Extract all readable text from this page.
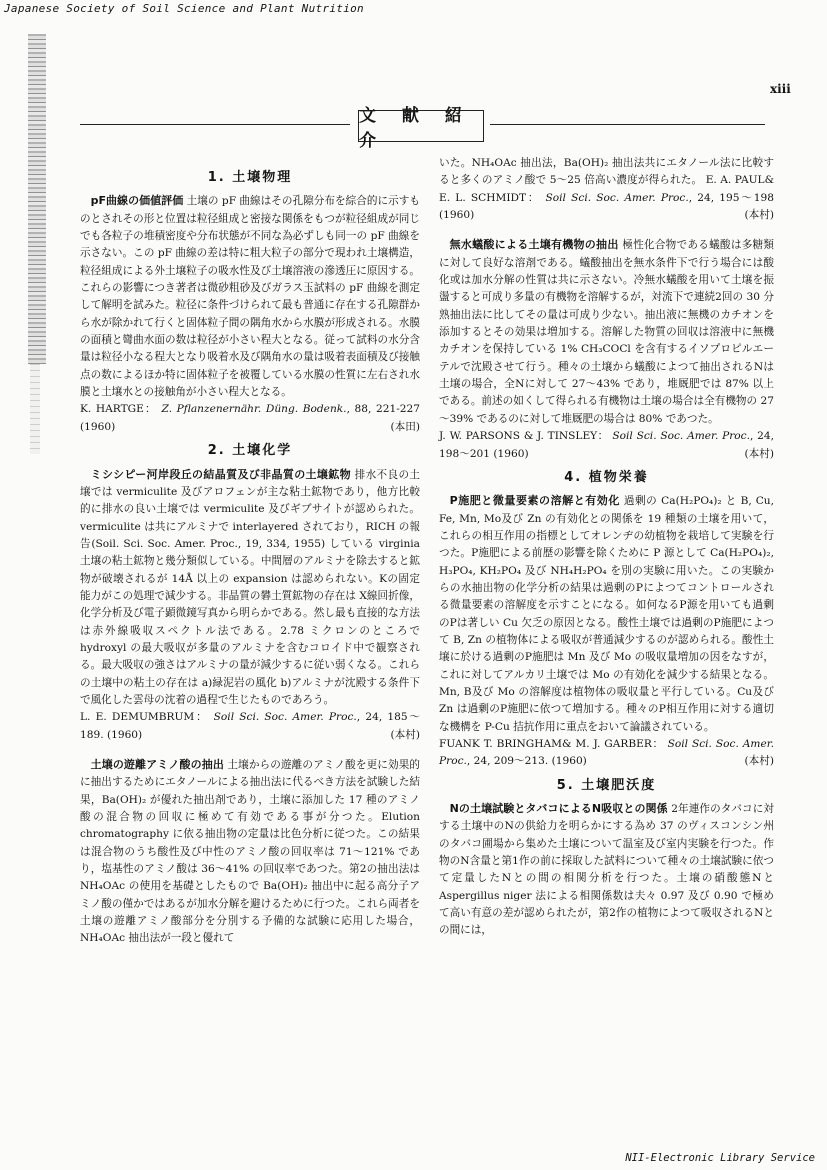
Japanese Society of Soil Science and Plant Nutrition
xⅲ
文 献 紹 介
1. 土壌物理
pF曲線の価値評価 土壌の pF 曲線はその孔隙分布を綜合的に示すものとされその形と位置は粒径組成と密接な関係をもつが粒径組成が同じでも各粒子の堆積密度や分布状態が不同な為必ずしも同一の pF 曲線を示さない。この pF 曲線の差は特に粗大粒子の部分で現われ土壌構造，粒径組成による外土壌粒子の吸水性及び土壌溶液の滲透圧に原因する。これらの影響につき著者は微砂粗砂及びガラス玉試料の pF 曲線を測定して解明を試みた。粒径に条件づけられて最も普通に存在する孔隙群から水が除かれて行くと固体粒子間の隅角水から水膜が形成される。水膜の面積と彎曲水面の数は粒径が小さい程大となる。従って試料の水分含量は粒径小なる程大となり吸着水及び隅角水の量は吸着表面積及び接触点の数によるほか特に固体粒子を被覆している水膜の性質に左右され水膜と土壌水との接触角が小さい程大となる。
K. HARTGE： Z. Pflanzenernähr. Düng. Bodenk., 88, 221-227 (1960)	(本田)
2. 土壌化学
ミシシピー河岸段丘の結晶質及び非晶質の土壌鉱物 排水不良の土壌では vermiculite 及びアロフェンが主な粘土鉱物であり，他方比較的に排水の良い土壌では vermiculite 及びギブサイトが認められた。vermiculite は共にアルミナで interlayered されており，RICH の報告(Soil. Sci. Soc. Amer. Proc., 19, 334, 1955) している virginia 土壌の粘土鉱物と幾分類似している。中間層のアルミナを除去すると鉱物が破壊されるが 14Å 以上の expansion は認められない。Kの固定能力がこの処理で減少する。非晶質の礬土質鉱物の存在は X線回折像，化学分析及び電子顕微鏡写真から明らかである。然し最も直接的な方法は赤外線吸収スペクトル法である。2.78 ミクロンのところで hydroxyl の最大吸収が多量のアルミナを含むコロイド中で観察される。最大吸収の強さはアルミナの量が減少するに従い弱くなる。これらの土壌中の粘土の存在は a)緑泥岩の風化 b)アルミナが沈殿する条件下で風化した雲母の沈着の過程で生じたものであろう。
L. E. DEMUMBRUM： Soil Sci. Soc. Amer. Proc., 24, 185～189. (1960)	(本村)
土壌の遊離アミノ酸の抽出 土壌からの遊離のアミノ酸を更に効果的に抽出するためにエタノールによる抽出法に代るべき方法を試験した結果，Ba(OH)₂ が優れた抽出剤であり，土壌に添加した 17 種のアミノ酸の混合物の回収に極めて有効である事が分つた。Elution chromatography に依る抽出物の定量は比色分析に従つた。この結果は混合物のうち酸性及び中性のアミノ酸の回収率は 71～121% であり，塩基性のアミノ酸は 36～41% の回収率であつた。第2の抽出法は NH₄OAc の使用を基礎としたもので Ba(OH)₂ 抽出中に起る高分子アミノ酸の僅かではあるが加水分解を避けるために行つた。これら両者を土壌の遊離アミノ酸部分を分別する予備的な試験に応用した場合，NH₄OAc 抽出法が一段と優れて
いた。NH₄OAc 抽出法，Ba(OH)₂ 抽出法共にエタノール法に比較すると多くのアミノ酸で 5～25 倍高い濃度が得られた。 E. A. PAUL& E. L. SCHMIDT： Soil Sci. Soc. Amer. Proc., 24, 195～198 (1960)	(本村)
無水蟻酸による土壌有機物の抽出 極性化合物である蟻酸は多糖類に対して良好な溶剤である。蟻酸抽出を無水条件下で行う場合には酸化或は加水分解の性質は共に示さない。冷無水蟻酸を用いて土壌を振盪すると可成り多量の有機物を溶解するが，対流下で連続2回の 30 分熟抽出法に比してその量は可成り少ない。抽出液に無機のカチオンを添加するとその効果は増加する。溶解した物質の回収は溶液中に無機カチオンを保持している 1% CH₃COCl を含有するイソプロピルエーテルで沈殿させて行う。種々の土壌から蟻酸によつて抽出されるNは土壌の場合，全Nに対して 27～43% であり，堆厩肥では 87% 以上である。前述の如くして得られる有機物は土壌の場合は全有機物の 27～39% であるのに対して堆厩肥の場合は 80% であつた。
J. W. PARSONS & J. TINSLEY： Soil Sci. Soc. Amer. Proc., 24, 198～201 (1960)	(本村)
4. 植物栄養
P施肥と微量要素の溶解と有効化 過剰の Ca(H₂PO₄)₂ と B, Cu, Fe, Mn, Mo及び Zn の有効化との関係を 19 種類の土壌を用いて，これらの相互作用の指標としてオレンヂの幼植物を栽培して実験を行つた。P施肥による前歴の影響を除くために P 源として Ca(H₂PO₄)₂, H₃PO₄, KH₂PO₄ 及び NH₄H₂PO₄ を別の実験に用いた。この実験からの水抽出物の化学分析の結果は過剰のPによつてコントロールされる微量要素の溶解度を示すことになる。如何なるP源を用いても過剰のPは著しい Cu 欠乏の原因となる。酸性土壌では過剰のP施肥によつて B, Zn の植物体による吸収が普通減少するのが認められる。酸性土壌に於ける過剰のP施肥は Mn 及び Mo の吸収量増加の因をなすが，これに対してアルカリ土壌では Mo の有効化を減少する結果となる。Mn, B及び Mo の溶解度は植物体の吸収量と平行している。Cu及び Zn は過剰のP施肥に依つて増加する。種々のP相互作用に対する適切な機構を P-Cu 拮抗作用に重点をおいて論議されている。
FUANK T. BRINGHAM& M. J. GARBER： Soil Sci. Soc. Amer. Proc., 24, 209～213. (1960)	(本村)
5. 土壌肥沃度
Nの土壌試験とタバコによるN吸収との関係 2年連作のタバコに対する土壌中のNの供給力を明らかにする為め 37 のヴィスコンシン州のタバコ圃場から集めた土壌について温室及び室内実験を行つた。作物のN含量と第1作の前に採取した試料について種々の土壌試験に依つて定量したNとの間の相関分析を行つた。土壌の硝酸態Nと Aspergillus niger 法による相関係数は夫々 0.97 及び 0.90 で極めて高い有意の差が認められたが，第2作の植物によつて吸収されるNとの間には，
NII-Electronic Library Service
